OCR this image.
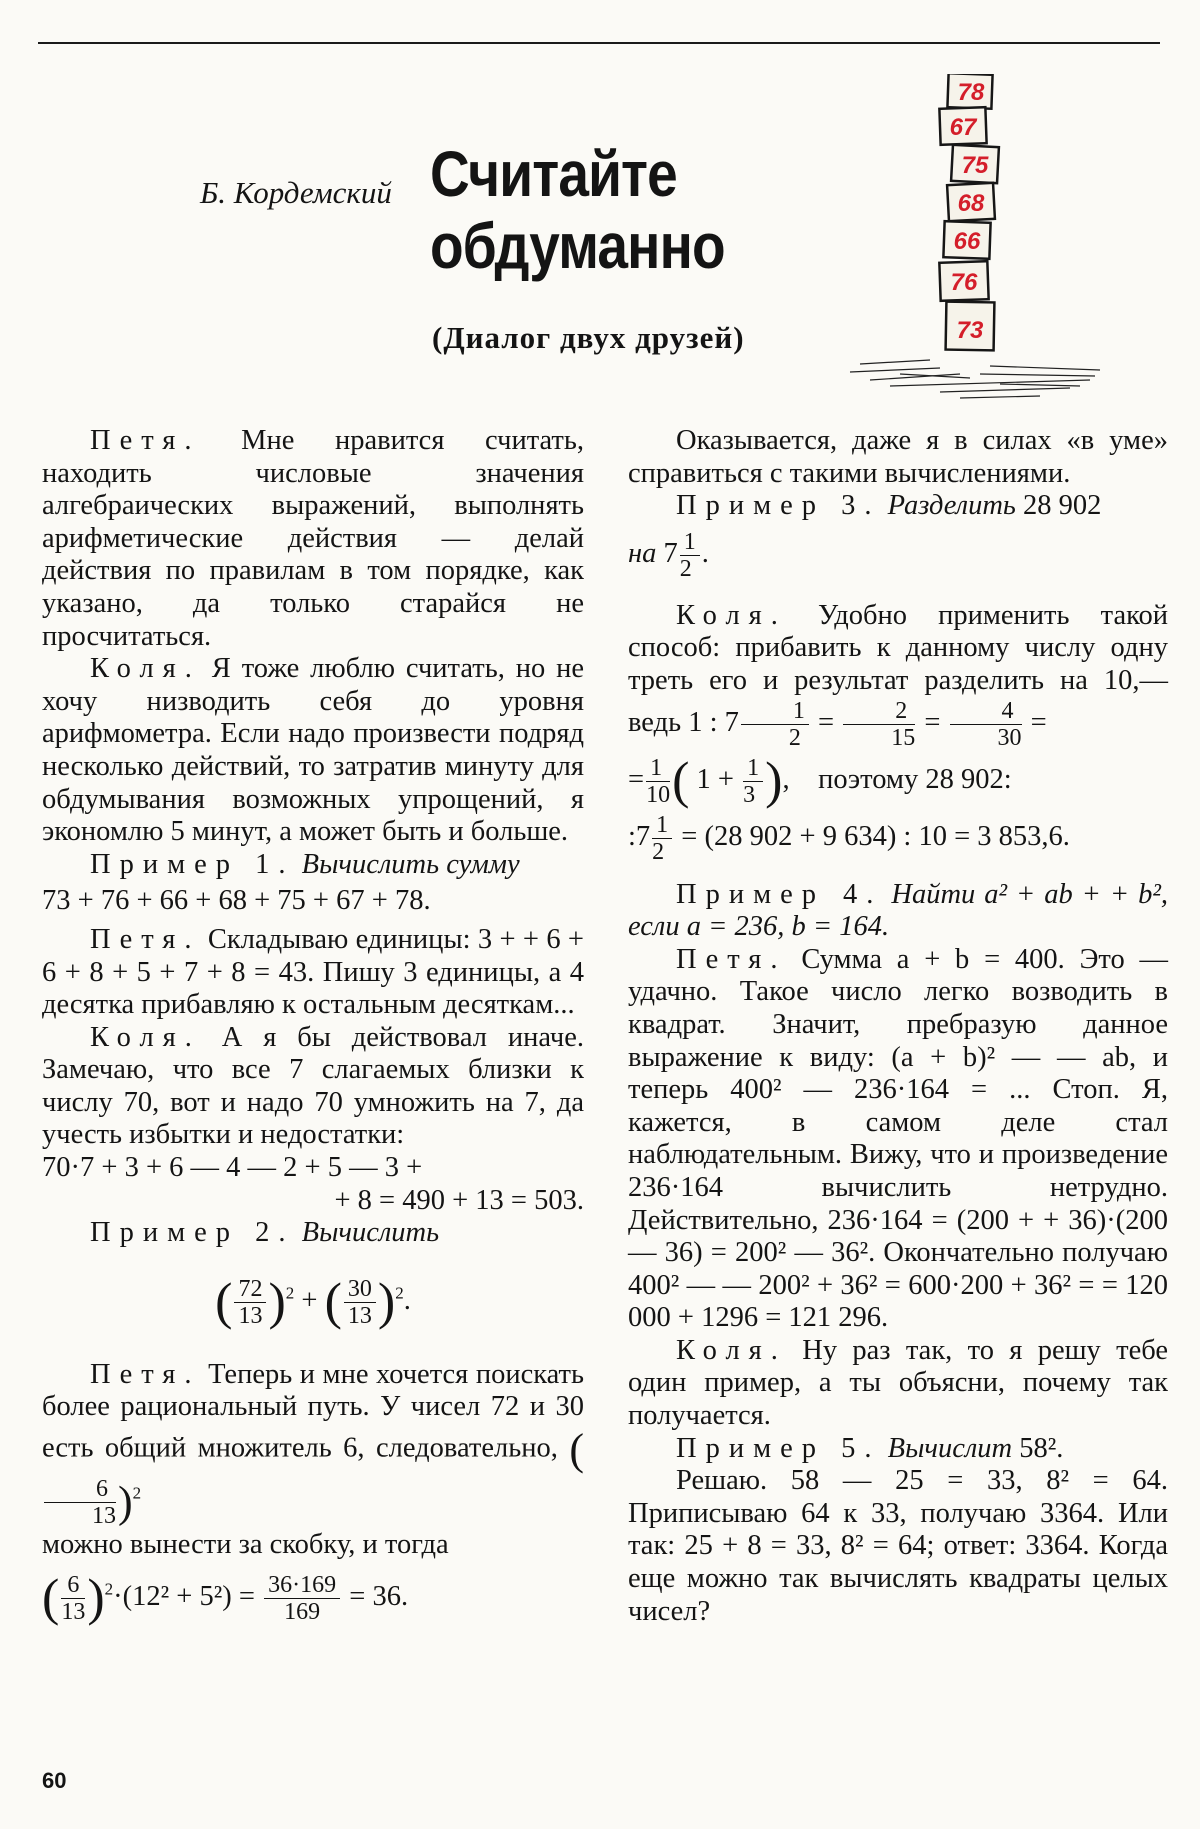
Б. Кордемский Считайте
обдуманно
(Диалог двух друзей)
78
67
75
68
66
76
73

Петя. Мне нравится считать, находить числовые значения алгебраических выражений, выполнять арифметические действия — делай действия по правилам в том порядке, как указано, да только старайся не просчитаться.

Коля. Я тоже люблю считать, но не хочу низводить себя до уровня арифмометра. Если надо произвести подряд несколько действий, то затратив минуту для обдумывания возможных упрощений, я экономлю 5 минут, а может быть и больше.

Пример 1. Вычислить сумму

73 + 76 + 66 + 68 + 75 + 67 + 78.

Петя. Складываю единицы: 3 + + 6 + 6 + 8 + 5 + 7 + 8 = 43. Пишу 3 единицы, а 4 десятка прибавляю к остальным десяткам...

Коля. А я бы действовал иначе. Замечаю, что все 7 слагаемых близки к числу 70, вот и надо 70 умножить на 7, да учесть избытки и недостатки:

70·7 + 3 + 6 — 4 — 2 + 5 — 3 +

+ 8 = 490 + 13 = 503.

Пример 2. Вычислить

( $\frac{72}{13} )^2$ + ( $\frac{30}{13} )^2$.

Петя. Теперь и мне хочется поискать более рациональный путь. У чисел 72 и 30 есть общий множитель 6, следовательно, (
$\frac{6}{13} )^2$

можно вынести за скобку, и тогда

( $\frac{6}{13} )^2\cdot(12^2 + 5^2) = \frac{36\cdot 169}{169} = 36$.

Оказывается, даже я в силах «в уме» справиться с такими вычислениями.

Пример 3. Разделить 28 902

на $7 \frac{1}{2}$ .

Коля. Удобно применить такой способ: прибавить к данному числу одну треть его и результат разделить на 10,— ведь 1 : $7 \frac{1}{2} = \frac{2}{15} = \frac{4}{30}$ =

= $\frac{1}{10}$ ( $1 + \frac{1}{3}$ ),    поэтому 28 902:

:7 $\frac{1}{2} = (28$ 902 + 9 634) : 10 = 3 853,6.

Пример 4. Найти a² + ab + + b², если a = 236, b = 164.

Петя. Сумма a + b = 400. Это — удачно. Такое число легко возводить в квадрат. Значит, пребразую данное выражение к виду: (a + b)² — — ab, и теперь 400² — 236·164 = ... Стоп. Я, кажется, в самом деле стал наблюдательным. Вижу, что и произведение 236·164 вычислить нетрудно. Действительно, 236·164 = (200 + + 36)·(200 — 36) = 200² — 36². Окончательно получаю 400² — — 200² + 36² = 600·200 + 36² = = 120 000 + 1296 = 121 296.

Коля. Ну раз так, то я решу тебе один пример, а ты объясни, почему так получается.

Пример 5. Вычислит 58².

Решаю. 58 — 25 = 33, 8² = 64. Приписываю 64 к 33, получаю 3364. Или так: 25 + 8 = 33, 8² = 64; ответ: 3364. Когда еще можно так вычислять квадраты целых чисел?

60
